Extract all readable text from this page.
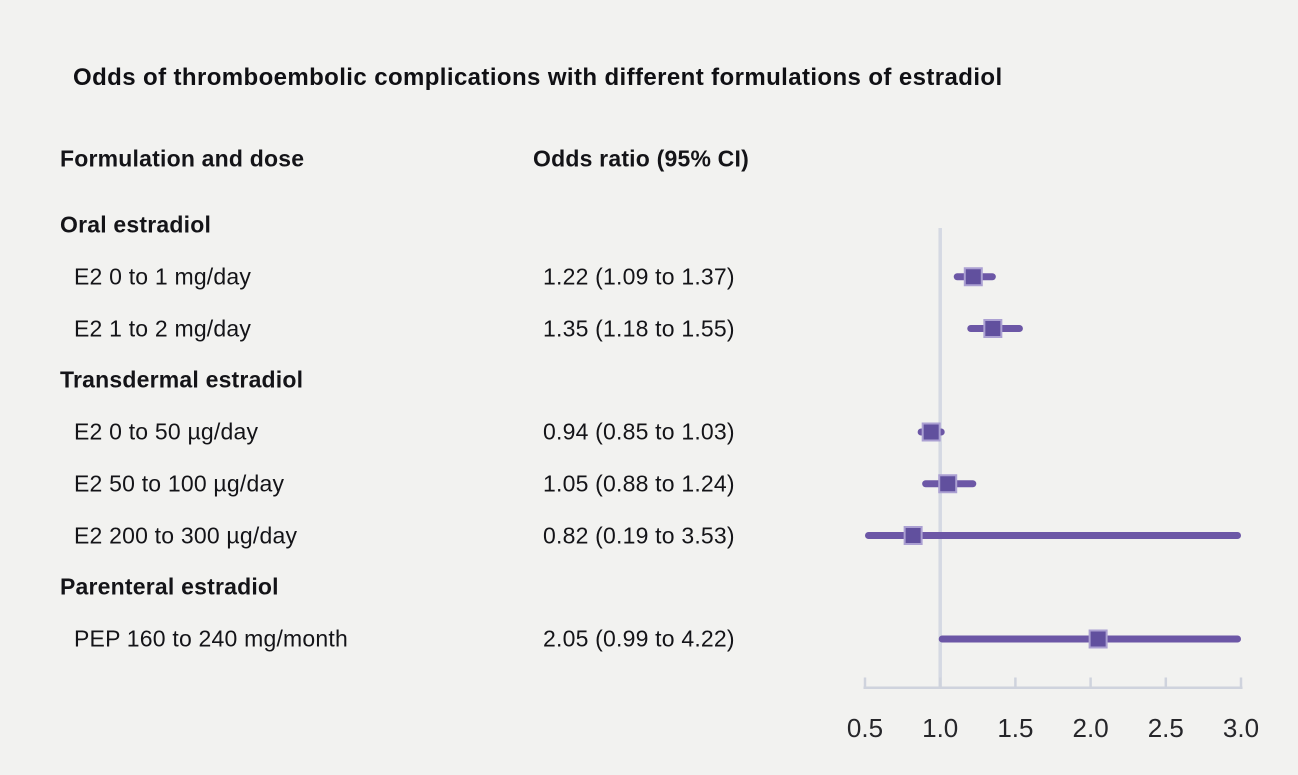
Odds of thromboembolic complications with different formulations of estradiol
Formulation and dose	Odds ratio (95% CI)
Oral estradiol
E2 0 to 1 mg/day	1.22 (1.09 to 1.37)
E2 1 to 2 mg/day	1.35 (1.18 to 1.55)
Transdermal estradiol
E2 0 to 50 µg/day	0.94 (0.85 to 1.03)
E2 50 to 100 µg/day	1.05 (0.88 to 1.24)
E2 200 to 300 µg/day	0.82 (0.19 to 3.53)
Parenteral estradiol
PEP 160 to 240 mg/month	2.05 (0.99 to 4.22)
0.5 1.0 1.5 2.0 2.5 3.0
